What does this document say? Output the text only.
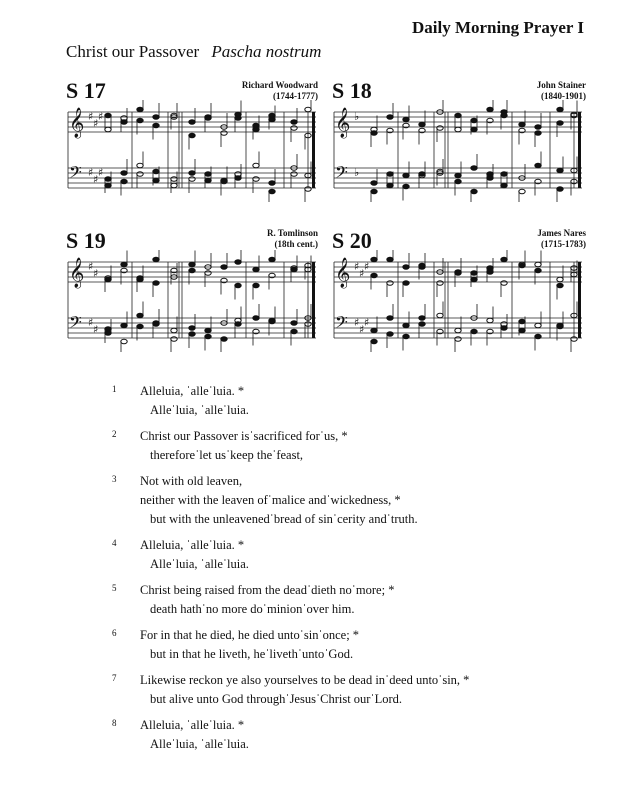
Daily Morning Prayer I
Christ our Passover Pascha nostrum
S 17	Richard Woodward
(1744-1777) S 18	John Stainer
(1840-1901)
S 19	R. Tomlinson
(18th cent.) S 20	James Nares
(1715-1783)
𝄞 ♯
♯
♯
𝄢 ♯
♯
♯
𝄞 ♭
𝄢 ♭
𝄞 ♯
♯
𝄢 ♯
♯
𝄞 ♯
♯
♯
𝄢 ♯
♯
♯
1	Alleluia, ˈalleˈluia. *
Alleˈluia, ˈalleˈluia.
2	Christ our Passover isˈsacrificed forˈus, *
thereforeˈlet usˈkeep theˈfeast,
3	Not with old leaven,
neither with the leaven ofˈmalice andˈwickedness, *
but with the unleavenedˈbread of sinˈcerity andˈtruth.
4	Alleluia, ˈalleˈluia. *
Alleˈluia, ˈalleˈluia.
5	Christ being raised from the deadˈdieth noˈmore; *
death hathˈno more doˈminionˈover him.
6	For in that he died, he died untoˈsinˈonce; *
but in that he liveth, heˈlivethˈuntoˈGod.
7	Likewise reckon ye also yourselves to be dead inˈdeed untoˈsin, *
but alive unto God throughˈJesusˈChrist ourˈLord.
8	Alleluia, ˈalleˈluia. *
Alleˈluia, ˈalleˈluia.
